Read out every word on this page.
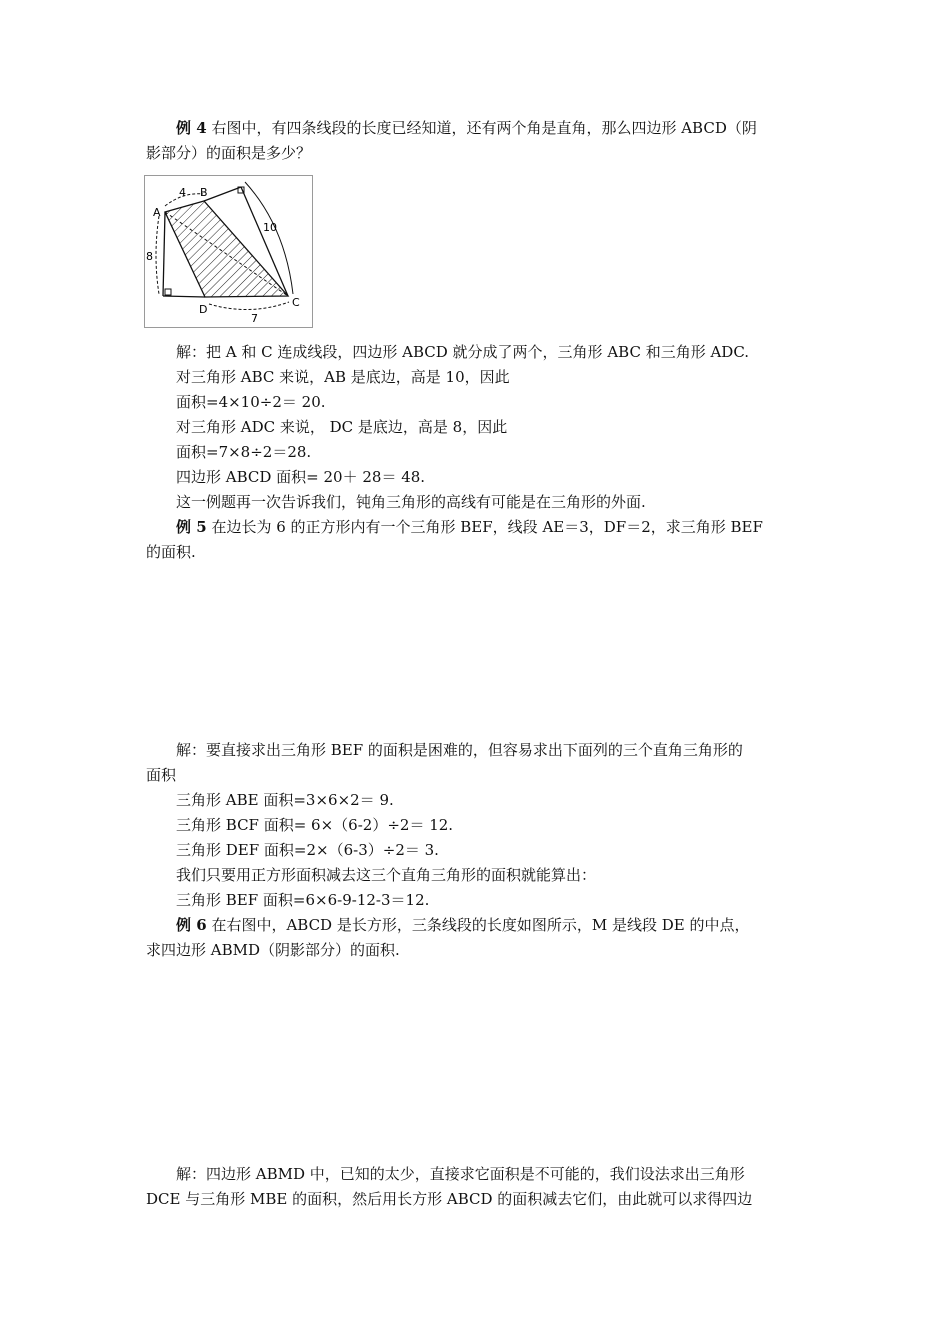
例 4 右图中，有四条线段的长度已经知道，还有两个角是直角，那么四边形 ABCD（阴
影部分）的面积是多少？
A
B
C
D
4
10
8
7
解：把 A 和 C 连成线段，四边形 ABCD 就分成了两个，三角形 ABC 和三角形 ADC.
对三角形 ABC 来说，AB 是底边，高是 10，因此
面积=4×10÷2＝ 20.
对三角形 ADC 来说， DC 是底边，高是 8，因此
面积=7×8÷2＝28.
四边形 ABCD 面积= 20＋ 28＝ 48.
这一例题再一次告诉我们，钝角三角形的高线有可能是在三角形的外面.
例 5 在边长为 6 的正方形内有一个三角形 BEF，线段 AE＝3，DF＝2，求三角形 BEF
的面积.
解：要直接求出三角形 BEF 的面积是困难的，但容易求出下面列的三个直角三角形的
面积
三角形 ABE 面积=3×6×2＝ 9.
三角形 BCF 面积= 6×（6-2）÷2＝ 12.
三角形 DEF 面积=2×（6-3）÷2＝ 3.
我们只要用正方形面积减去这三个直角三角形的面积就能算出：
三角形 BEF 面积=6×6-9-12-3＝12.
例 6 在右图中，ABCD 是长方形，三条线段的长度如图所示，M 是线段 DE 的中点，
求四边形 ABMD（阴影部分）的面积.
解：四边形 ABMD 中，已知的太少，直接求它面积是不可能的，我们设法求出三角形
DCE 与三角形 MBE 的面积，然后用长方形 ABCD 的面积减去它们，由此就可以求得四边
